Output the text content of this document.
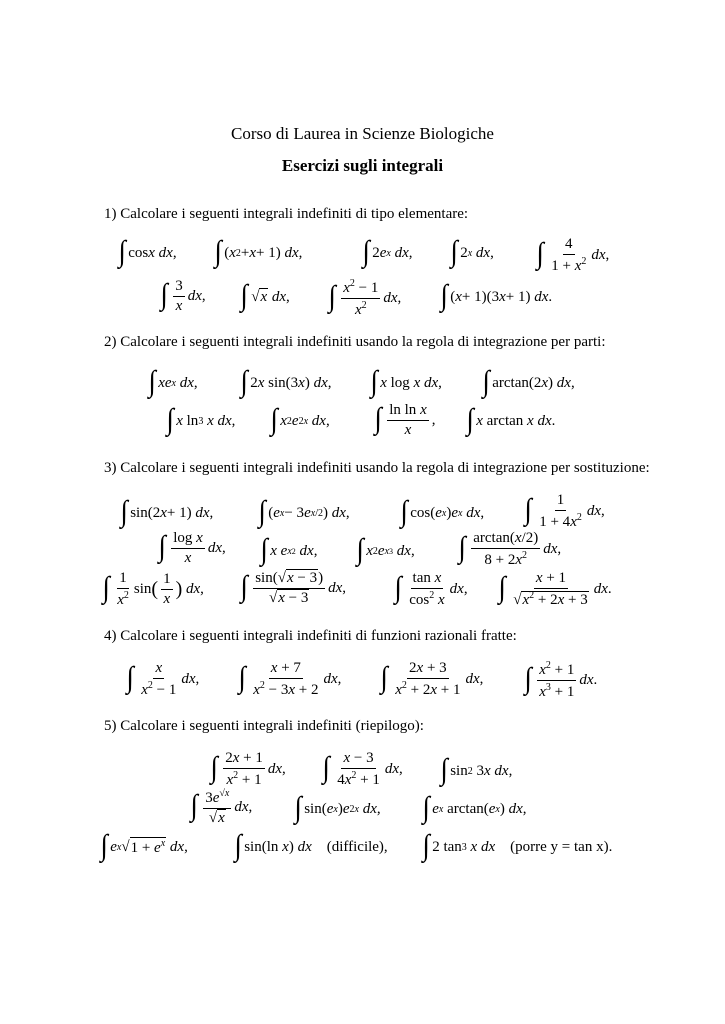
Corso di Laurea in Scienze Biologiche
Esercizi sugli integrali
1) Calcolare i seguenti integrali indefiniti di tipo elementare:
∫ cos x
dx , ∫ ( x 2 + x + 1) dx , ∫ 2 e x
dx , ∫ 2 x
dx , ∫ $\frac{4}{1 + x^2}$ dx ,
∫ $\frac{3}{x}$ dx , ∫ √ x
dx , ∫ $\frac{x^2 - 1}{x^2}$ dx , ∫ ( x + 1)(3 x + 1) dx .
2) Calcolare i seguenti integrali indefiniti usando la regola di integrazione per parti:
∫ xe x
dx , ∫ 2 x sin(3 x ) dx , ∫ x log x
dx , ∫ arctan(2 x ) dx ,
∫ x ln 3
x
dx , ∫ x 2 e 2x
dx , ∫ $\frac{\text{ln ln x}}{x}$ , ∫ x arctan x
dx .
3) Calcolare i seguenti integrali indefiniti usando la regola di integrazione per sostituzione:
∫ sin(2 x + 1) dx , ∫ ( e x − 3 e x/2 ) dx , ∫ cos( e x ) e x
dx , ∫ $\frac{1}{1 + 4x^2}$ dx ,
∫ $\frac{\text{log x}}{x}$ dx , ∫ x
e x2
dx , ∫ x 2 e x3
dx , ∫ $\frac{\arctan(x/2)}{8 + 2x^2}$ dx ,
∫ $\frac{1}{x^2}$ sin ( $\frac{1}{x}$ )
dx , ∫ $\frac{\sin(√x - 3)}{√x - 3}$ dx , ∫ $\frac{\text{tan x}}{\cos^2 x}$ dx , ∫ $\frac{x + 1}{√x^2 + 2x + 3}$ dx .
4) Calcolare i seguenti integrali indefiniti di funzioni razionali fratte:
∫ $\frac{x}{x^2 - 1}$ dx , ∫ $\frac{x + 7}{x^2 - 3x + 2}$ dx , ∫ $\frac{2x + 3}{x^2 + 2x + 1}$ dx , ∫ $\frac{x^2 + 1}{x^3 + 1}$ dx .
5) Calcolare i seguenti integrali indefiniti (riepilogo):
∫ $\frac{2x + 1}{x^2 + 1}$ dx , ∫ $\frac{x - 3}{4x^2 + 1}$ dx , ∫ sin 2 3 x
dx ,
∫ $\frac{3e^{√x}}{√x}$ dx , ∫ sin( e x ) e 2x
dx , ∫ e x arctan( e x ) dx ,
∫ e x √ $1 + e^x$
dx , ∫ sin(ln x ) dx
(difficile), ∫ 2 tan 3
x
dx
(porre y = tan x).
